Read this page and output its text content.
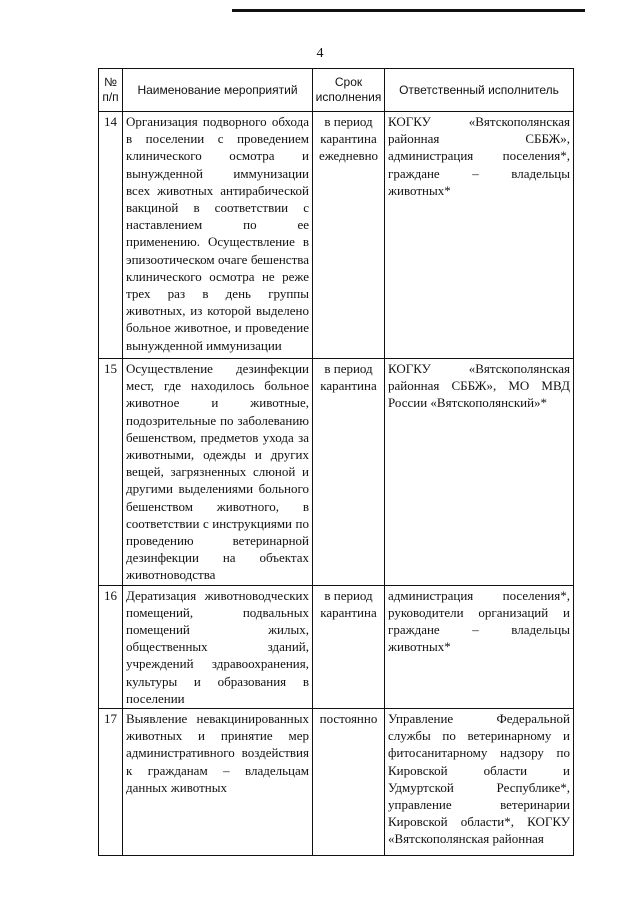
4
№ п/п	Наименование мероприятий	Срок исполнения	Ответственный исполнитель
14	Организация подворного обхода в поселении с проведением клинического осмотра и вынужденной иммунизации всех животных антирабической вакциной в соответствии с наставлением по ее применению. Осуществление в эпизоотическом очаге бешенства клинического осмотра не реже трех раз в день группы животных, из которой выделено больное животное, и проведение вынужденной иммунизации	в период карантина ежедневно	КОГКУ «Вятскополянская районная СББЖ», администрация поселения*, граждане – владельцы животных*
15	Осуществление дезинфекции мест, где находилось больное животное и животные, подозрительные по заболеванию бешенством, предметов ухода за животными, одежды и других вещей, загрязненных слюной и другими выделениями больного бешенством животного, в соответствии с инструкциями по проведению ветеринарной дезинфекции на объектах животноводства	в период карантина	КОГКУ «Вятскополянская районная СББЖ», МО МВД России «Вятскополянский»*
16	Дератизация животноводческих помещений, подвальных помещений жилых, общественных зданий, учреждений здравоохранения, культуры и образования в поселении	в период карантина	администрация поселения*, руководители организаций и граждане – владельцы животных*
17	Выявление невакцинированных животных и принятие мер административного воздействия к гражданам – владельцам данных животных	постоянно	Управление Федеральной службы по ветеринарному и фитосанитарному надзору по Кировской области и Удмуртской Республике*, управление ветеринарии Кировской области*, КОГКУ «Вятскополянская районная
